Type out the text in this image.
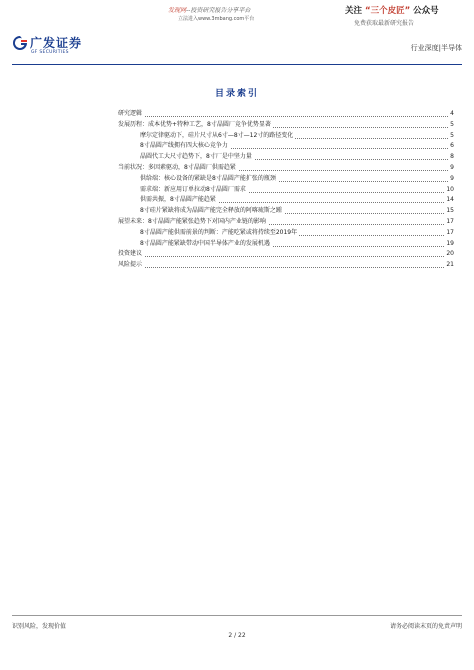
广发证券
GF SECURITIES
发现网--投资研究报告分享平台
立法进入www.3mbang.com平台
关注 “三个皮匠” 公众号
免费获取最新研究报告
行业深度|半导体
目录索引
研究逻辑	4
发展历程：成本优势+特种工艺，8寸晶圆厂竞争优势显著	5
摩尔定律驱动下，硅片尺寸从6寸—8寸—12寸的路径变化	5
8寸晶圆产线拥有四大核心竞争力	6
晶圆代工大尺寸趋势下，8寸厂是中坚力量	8
当前状况：多因素驱动，8寸晶圆厂供需趋紧	9
供给端：核心设备的紧缺是8寸晶圆产能扩张的瓶颈	9
需求端：新应用订单拉动8寸晶圆厂需求	10
供需共振，8寸晶圆产能趋紧	14
8寸硅片紧缺将成为晶圆产能完全释放的阿喀琉斯之踵	15
展望未来：8寸晶圆产能紧张趋势下对国内产业链的影响	17
8寸晶圆产能供需前景的判断：产能吃紧或将持续至2019年	17
8寸晶圆产能紧缺带动中国半导体产业的发展机遇	19
投资建议	20
风险提示	21
识别风险，发现价值	请务必阅读末页的免责声明
2 / 22
